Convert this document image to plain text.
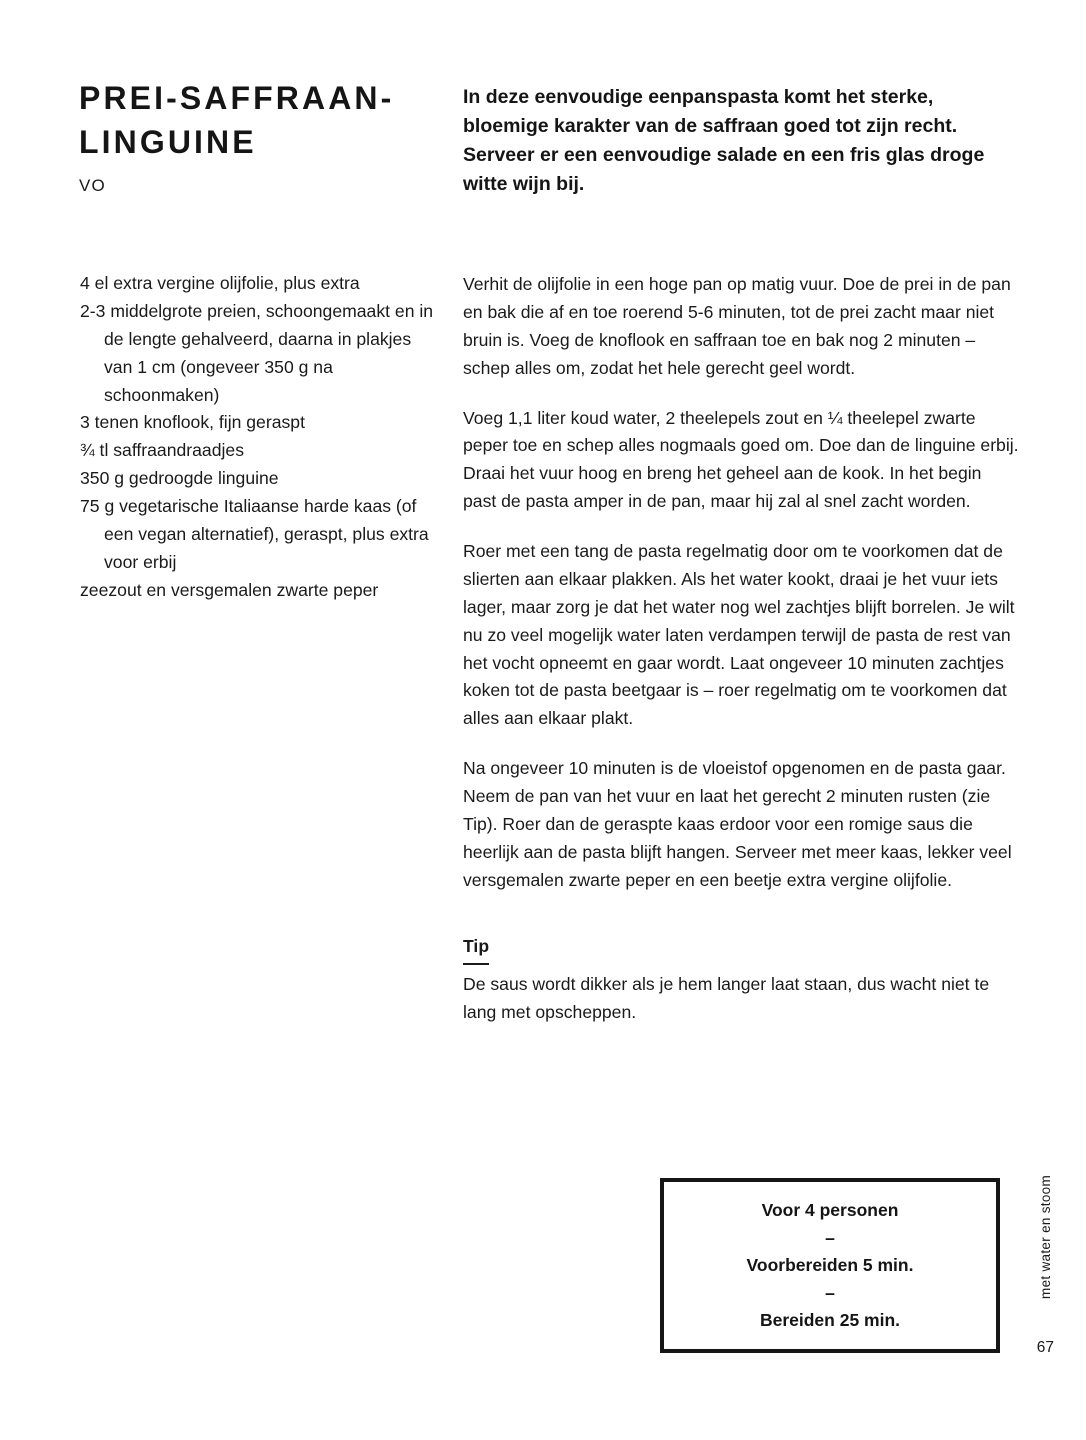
PREI-SAFFRAAN-LINGUINE
VO
In deze eenvoudige eenpanspasta komt het sterke, bloemige karakter van de saffraan goed tot zijn recht. Serveer er een eenvoudige salade en een fris glas droge witte wijn bij.

4 el extra vergine olijfolie, plus extra

2-3 middelgrote preien, schoongemaakt en in de lengte gehalveerd, daarna in plakjes van 1 cm (ongeveer 350 g na schoonmaken)

3 tenen knoflook, fijn geraspt

¾ tl saffraandraadjes

350 g gedroogde linguine

75 g vegetarische Italiaanse harde kaas (of een vegan alternatief), geraspt, plus extra voor erbij

zeezout en versgemalen zwarte peper

Verhit de olijfolie in een hoge pan op matig vuur. Doe de prei in de pan en bak die af en toe roerend 5-6 minuten, tot de prei zacht maar niet bruin is. Voeg de knoflook en saffraan toe en bak nog 2 minuten – schep alles om, zodat het hele gerecht geel wordt.

Voeg 1,1 liter koud water, 2 theelepels zout en ¼ theelepel zwarte peper toe en schep alles nogmaals goed om. Doe dan de linguine erbij. Draai het vuur hoog en breng het geheel aan de kook. In het begin past de pasta amper in de pan, maar hij zal al snel zacht worden.

Roer met een tang de pasta regelmatig door om te voorkomen dat de slierten aan elkaar plakken. Als het water kookt, draai je het vuur iets lager, maar zorg je dat het water nog wel zachtjes blijft borrelen. Je wilt nu zo veel mogelijk water laten verdampen terwijl de pasta de rest van het vocht opneemt en gaar wordt. Laat ongeveer 10 minuten zachtjes koken tot de pasta beetgaar is – roer regelmatig om te voorkomen dat alles aan elkaar plakt.

Na ongeveer 10 minuten is de vloeistof opgenomen en de pasta gaar. Neem de pan van het vuur en laat het gerecht 2 minuten rusten (zie Tip). Roer dan de geraspte kaas erdoor voor een romige saus die heerlijk aan de pasta blijft hangen. Serveer met meer kaas, lekker veel versgemalen zwarte peper en een beetje extra vergine olijfolie.

Tip

De saus wordt dikker als je hem langer laat staan, dus wacht niet te lang met opscheppen.

Voor 4 personen
–
Voorbereiden 5 min.
–
Bereiden 25 min.
met water en stoom
67
